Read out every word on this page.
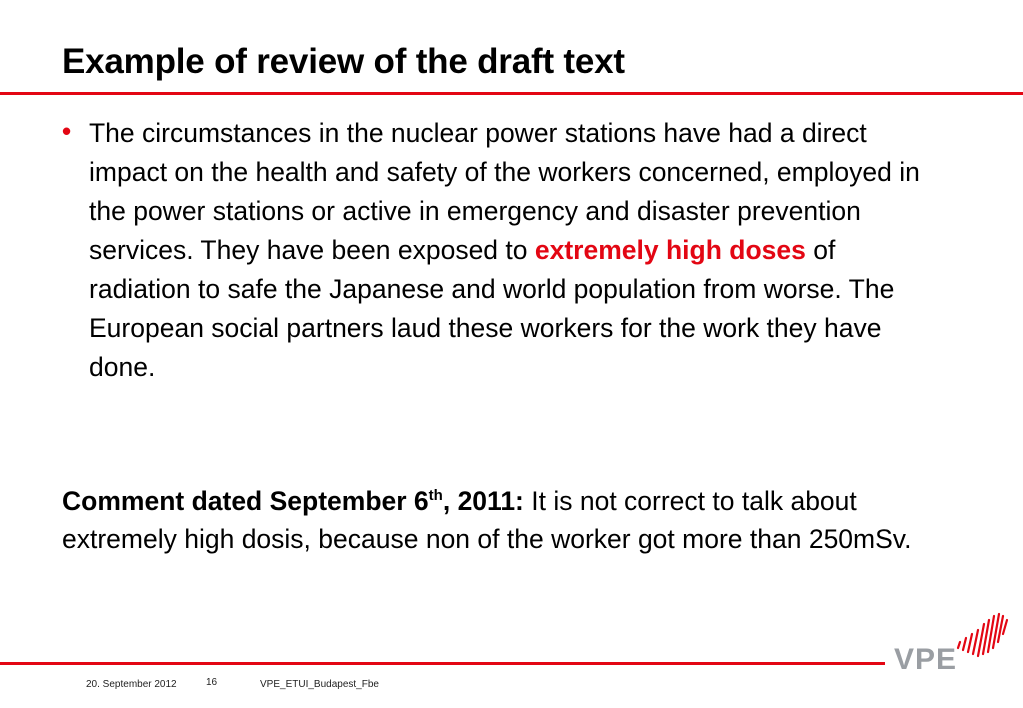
Example of review of the draft text
• The circumstances in the nuclear power stations have had a direct impact on the health and safety of the workers concerned, employed in the power stations or active in emergency and disaster prevention services. They have been exposed to extremely high doses of radiation to safe the Japanese and world population from worse. The European social partners laud these workers for the work they have done.

Comment dated September 6th, 2011: It is not correct to talk about extremely high dosis, because non of the worker got more than 250mSv.

VPE
20. September 2012	16	VPE_ETUI_Budapest_Fbe
